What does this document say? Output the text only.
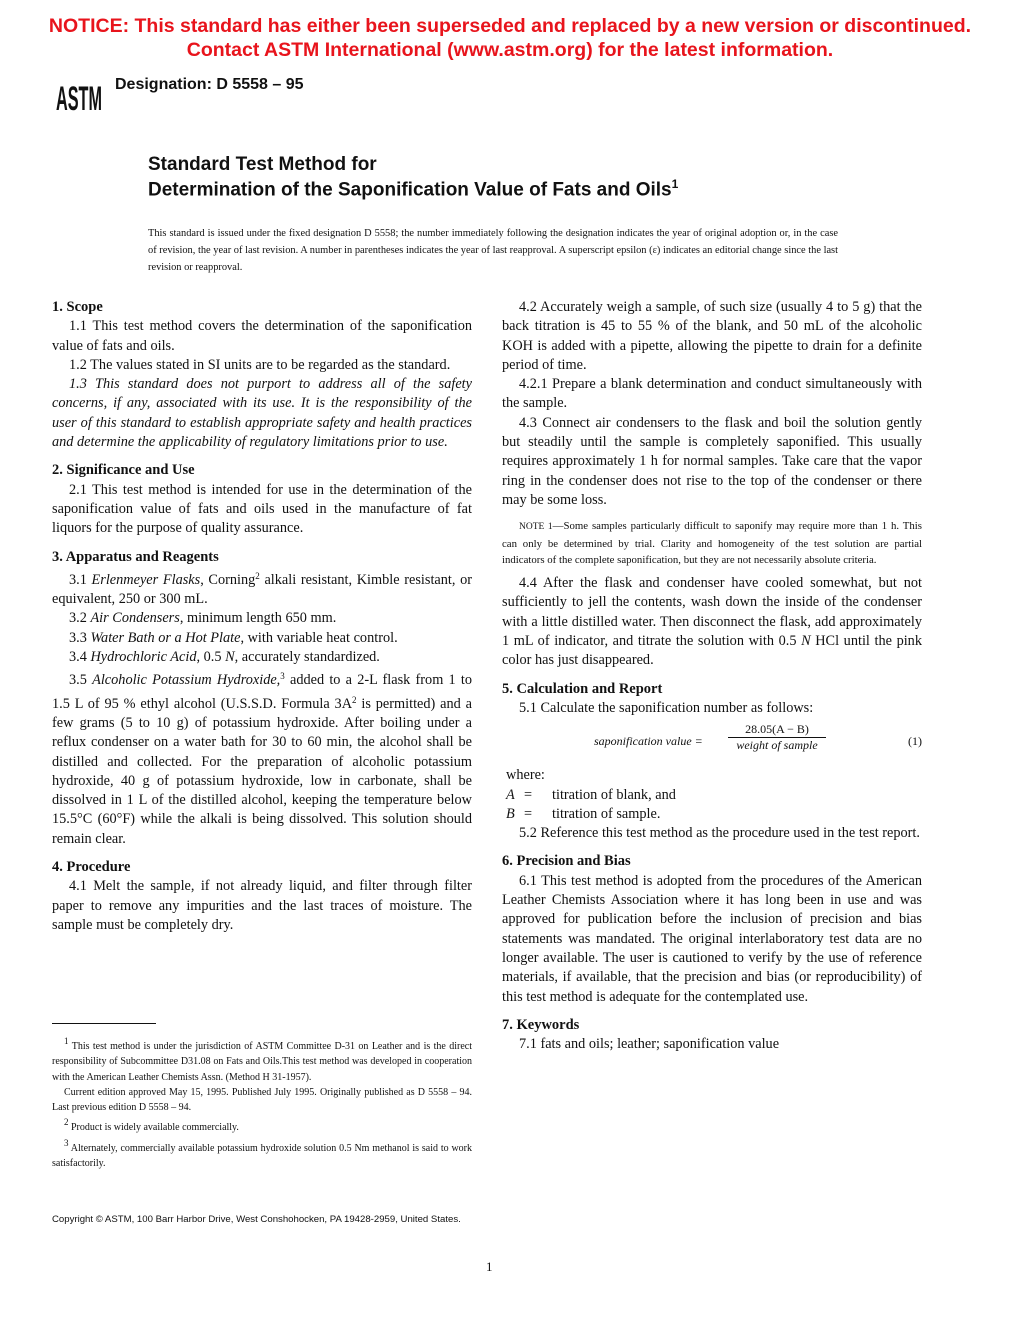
NOTICE: This standard has either been superseded and replaced by a new version or discontinued.
Contact ASTM International (www.astm.org) for the latest information.
ASTM Designation: D 5558 – 95
Standard Test Method for
Determination of the Saponification Value of Fats and Oils$^1$
This standard is issued under the fixed designation D 5558; the number immediately following the designation indicates the year of original adoption or, in the case of revision, the year of last revision. A number in parentheses indicates the year of last reapproval. A superscript epsilon (ε) indicates an editorial change since the last revision or reapproval.
1. Scope

1.1 This test method covers the determination of the saponification value of fats and oils.

1.2 The values stated in SI units are to be regarded as the standard.

1.3 This standard does not purport to address all of the safety concerns, if any, associated with its use. It is the responsibility of the user of this standard to establish appropriate safety and health practices and determine the applicability of regulatory limitations prior to use.

2. Significance and Use

2.1 This test method is intended for use in the determination of the saponification value of fats and oils used in the manufacture of fat liquors for the purpose of quality assurance.

3. Apparatus and Reagents

3.1 Erlenmeyer Flasks, Corning$^2$ alkali resistant, Kimble resistant, or equivalent, 250 or 300 mL.

3.2 Air Condensers, minimum length 650 mm.

3.3 Water Bath or a Hot Plate, with variable heat control.

3.4 Hydrochloric Acid, 0.5 N, accurately standardized.

3.5 Alcoholic Potassium Hydroxide,$^3$ added to a 2-L flask from 1 to 1.5 L of 95 % ethyl alcohol (U.S.S.D. Formula $3A^2$ is permitted) and a few grams (5 to 10 g) of potassium hydroxide. After boiling under a reflux condenser on a water bath for 30 to 60 min, the alcohol shall be distilled and collected. For the preparation of alcoholic potassium hydroxide, 40 g of potassium hydroxide, low in carbonate, shall be dissolved in 1 L of the distilled alcohol, keeping the temperature below 15.5°C (60°F) while the alkali is being dissolved. This solution should remain clear.

4. Procedure

4.1 Melt the sample, if not already liquid, and filter through filter paper to remove any impurities and the last traces of moisture. The sample must be completely dry.

4.2 Accurately weigh a sample, of such size (usually 4 to 5 g) that the back titration is 45 to 55 % of the blank, and 50 mL of the alcoholic KOH is added with a pipette, allowing the pipette to drain for a definite period of time.

4.2.1 Prepare a blank determination and conduct simultaneously with the sample.

4.3 Connect air condensers to the flask and boil the solution gently but steadily until the sample is completely saponified. This usually requires approximately 1 h for normal samples. Take care that the vapor ring in the condenser does not rise to the top of the condenser or there may be some loss.

NOTE 1—Some samples particularly difficult to saponify may require more than 1 h. This can only be determined by trial. Clarity and homogeneity of the test solution are partial indicators of the complete saponification, but they are not necessarily absolute criteria.

4.4 After the flask and condenser have cooled somewhat, but not sufficiently to jell the contents, wash down the inside of the condenser with a little distilled water. Then disconnect the flask, add approximately 1 mL of indicator, and titrate the solution with 0.5 N HCl until the pink color has just disappeared.

5. Calculation and Report

5.1 Calculate the saponification number as follows:

saponification value =
28.05(A − B)
weight of sample	(1)

where:

A =	titration of blank, and
B =	titration of sample.

5.2 Reference this test method as the procedure used in the test report.

6. Precision and Bias

6.1 This test method is adopted from the procedures of the American Leather Chemists Association where it has long been in use and was approved for publication before the inclusion of precision and bias statements was mandated. The original interlaboratory test data are no longer available. The user is cautioned to verify by the use of reference materials, if available, that the precision and bias (or reproducibility) of this test method is adequate for the contemplated use.

7. Keywords

7.1 fats and oils; leather; saponification value

1 This test method is under the jurisdiction of ASTM Committee D-31 on Leather and is the direct responsibility of Subcommittee D31.08 on Fats and Oils.This test method was developed in cooperation with the American Leather Chemists Assn. (Method H 31-1957).

Current edition approved May 15, 1995. Published July 1995. Originally published as D 5558 – 94. Last previous edition D 5558 – 94.

2 Product is widely available commercially.

3 Alternately, commercially available potassium hydroxide solution 0.5 Nm methanol is said to work satisfactorily.

Copyright © ASTM, 100 Barr Harbor Drive, West Conshohocken, PA 19428-2959, United States.
1
